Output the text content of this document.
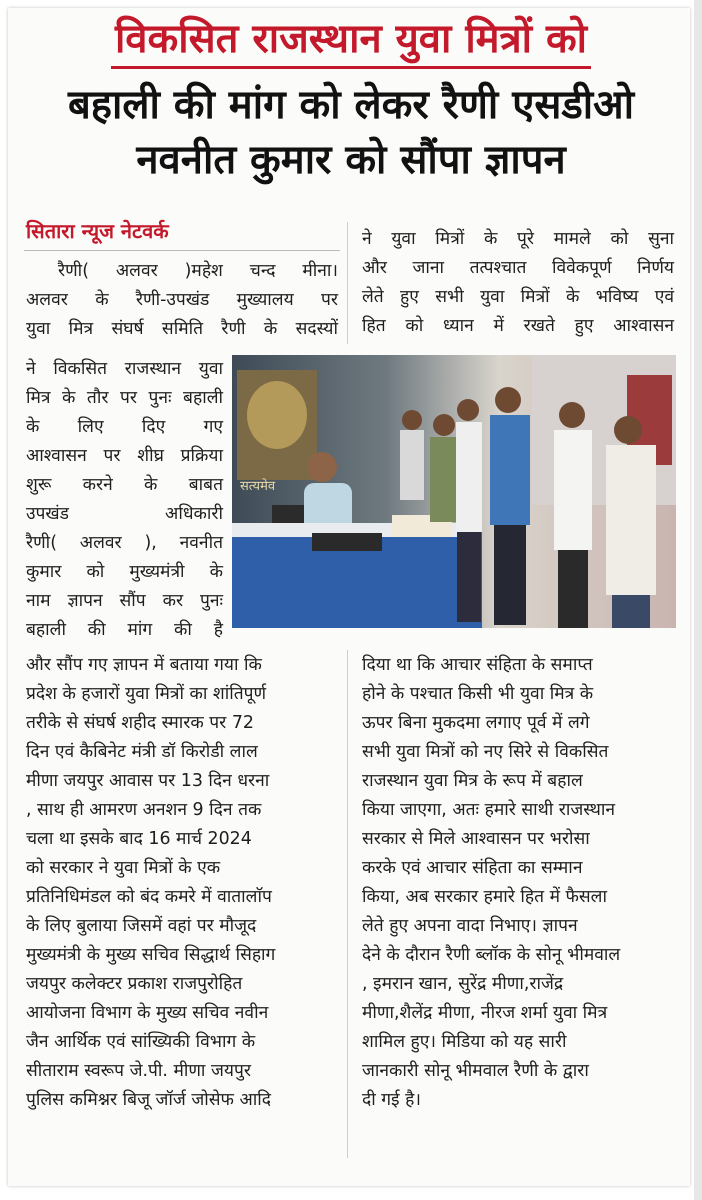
विकसित राजस्थान युवा मित्रों को
बहाली की मांग को लेकर रैणी एसडीओ
नवनीत कुमार को सौंपा ज्ञापन
सितारा न्यूज नेटवर्क

रैणी( अलवर )महेश चन्द मीना।
अलवर के रैणी-उपखंड मुख्यालय पर
युवा मित्र संघर्ष समिति रैणी के सदस्यों

ने विकसित राजस्थान युवा
मित्र के तौर पर पुनः बहाली
के लिए दिए गए
आश्वासन पर शीघ्र प्रक्रिया
शुरू करने के बाबत
उपखंड अधिकारी
रैणी( अलवर ), नवनीत
कुमार को मुख्यमंत्री के
नाम ज्ञापन सौंप कर पुनः
बहाली की मांग की है

और सौंप गए ज्ञापन में बताया गया कि
प्रदेश के हजारों युवा मित्रों का शांतिपूर्ण
तरीके से संघर्ष शहीद स्मारक पर 72
दिन एवं कैबिनेट मंत्री डॉ किरोडी लाल
मीणा जयपुर आवास पर 13 दिन धरना
, साथ ही आमरण अनशन 9 दिन तक
चला था इसके बाद 16 मार्च 2024
को सरकार ने युवा मित्रों के एक
प्रतिनिधिमंडल को बंद कमरे में वातालाॅप
के लिए बुलाया जिसमें वहां पर मौजूद
मुख्यमंत्री के मुख्य सचिव सिद्धार्थ सिहाग
जयपुर कलेक्टर प्रकाश राजपुरोहित
आयोजना विभाग के मुख्य सचिव नवीन
जैन आर्थिक एवं सांख्यिकी विभाग के
सीताराम स्वरूप जे.पी. मीणा जयपुर
पुलिस कमिश्नर बिजू जॉर्ज जोसेफ आदि

ने युवा मित्रों के पूरे मामले को सुना
और जाना तत्पश्चात विवेकपूर्ण निर्णय
लेते हुए सभी युवा मित्रों के भविष्य एवं
हित को ध्यान में रखते हुए आश्वासन

दिया था कि आचार संहिता के समाप्त
होने के पश्चात किसी भी युवा मित्र के
ऊपर बिना मुकदमा लगाए पूर्व में लगे
सभी युवा मित्रों को नए सिरे से विकसित
राजस्थान युवा मित्र के रूप में बहाल
किया जाएगा, अतः हमारे साथी राजस्थान
सरकार से मिले आश्वासन पर भरोसा
करके एवं आचार संहिता का सम्मान
किया, अब सरकार हमारे हित में फैसला
लेते हुए अपना वादा निभाए। ज्ञापन
देने के दौरान रैणी ब्लॉक के सोनू भीमवाल
, इमरान खान, सुरेंद्र मीणा,राजेंद्र
मीणा,शैलेंद्र मीणा, नीरज शर्मा युवा मित्र
शामिल हुए। मिडिया को यह सारी
जानकारी सोनू भीमवाल रैणी के द्वारा
दी गई है।

सत्यमेव
